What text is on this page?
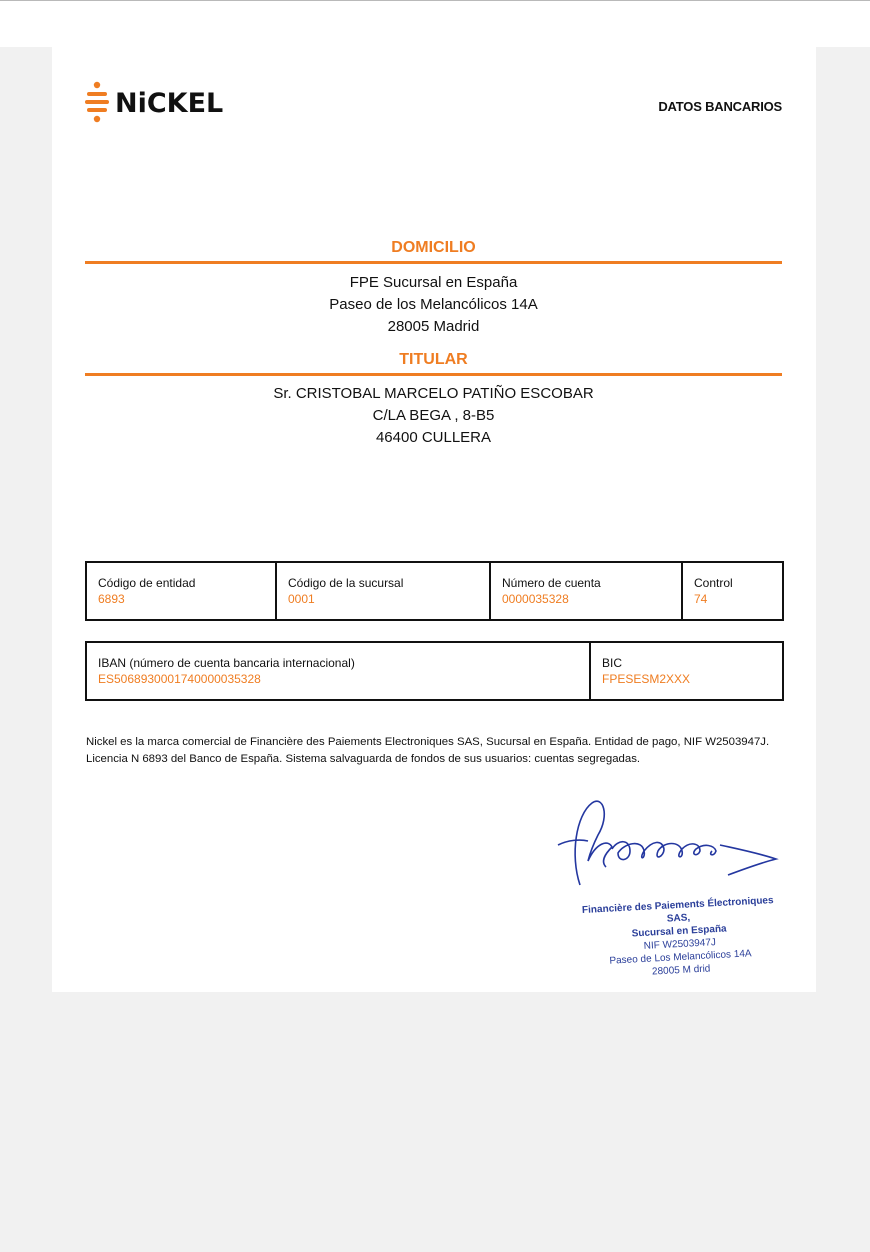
NiCKEL	DATOS BANCARIOS
DOMICILIO
FPE Sucursal en España
Paseo de los Melancólicos 14A
28005 Madrid
TITULAR
Sr. CRISTOBAL MARCELO PATIÑO ESCOBAR
C/LA BEGA , 8-B5
46400 CULLERA
Código de entidad
6893
Código de la sucursal
0001
Número de cuenta
0000035328
Control
74
IBAN (número de cuenta bancaria internacional)
ES5068930001740000035328
BIC
FPESESM2XXX
Nickel es la marca comercial de Financière des Paiements Electroniques SAS, Sucursal en España. Entidad de pago, NIF W2503947J.
Licencia N 6893 del Banco de España. Sistema salvaguarda de fondos de sus usuarios: cuentas segregadas.
Financière des Paiements Électroniques SAS,
Sucursal en España
NIF W2503947J
Paseo de Los Melancólicos 14A
28005 M drid
